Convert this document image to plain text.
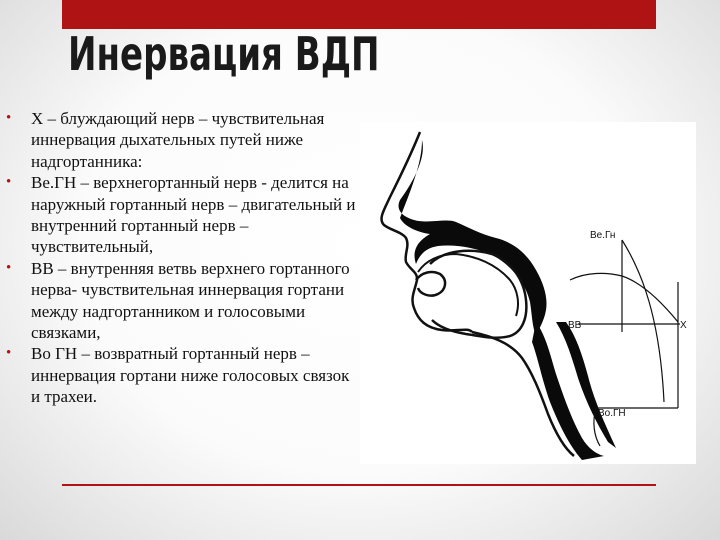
Инервация ВДП
• Х – блуждающий нерв – чувствительная иннервация дыхательных путей ниже надгортанника:
• Ве.ГН – верхнегортанный нерв - делится на наружный гортанный нерв – двигательный и внутренний гортанный нерв – чувствительный,
• ВВ – внутренняя ветвь верхнего гортанного нерва- чувствительная иннервация гортани между надгортанником и голосовыми связками,
• Во ГН – возвратный гортанный нерв – иннервация гортани ниже голосовых связок и трахеи.
Ве.Гн
ВВ	Х
Во.ГН
